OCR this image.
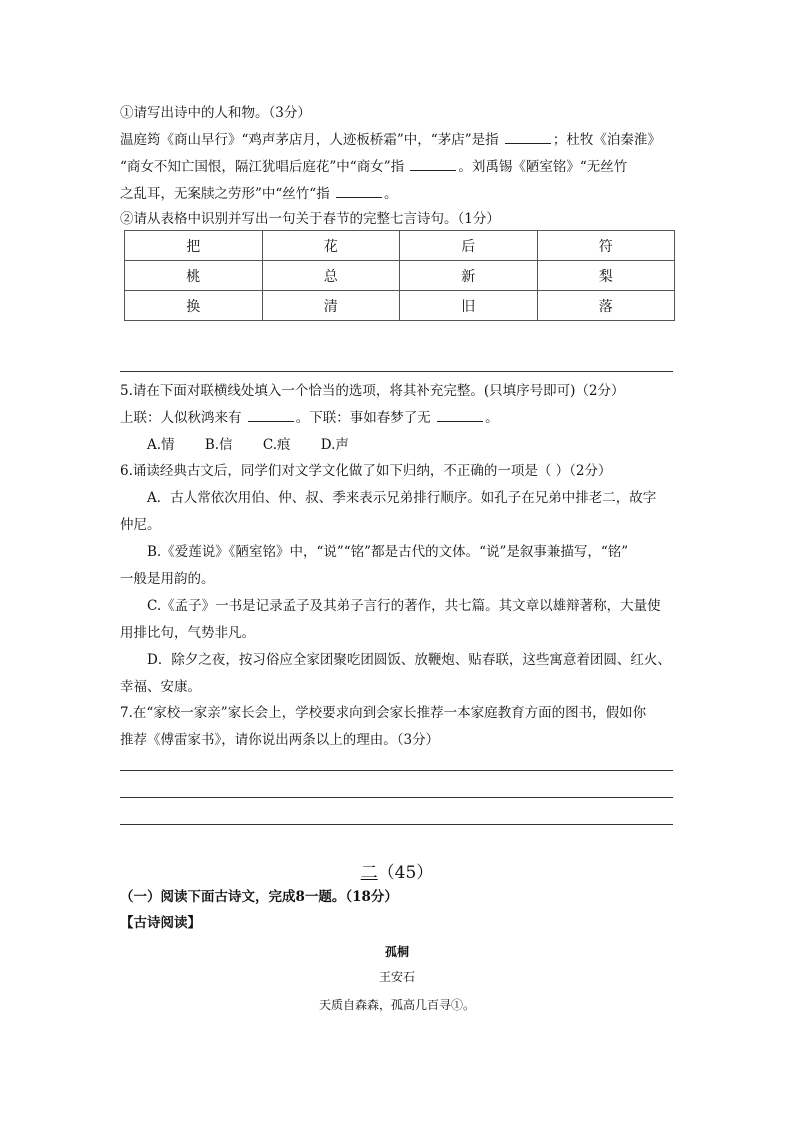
①请写出诗中的人和物。（3分）
温庭筠《商山早行》“鸡声茅店月，人迹板桥霜”中，“茅店”是指	；杜牧《泊秦淮》
“商女不知亡国恨，隔江犹唱后庭花”中“商女”指	。刘禹锡《陋室铭》“无丝竹
之乱耳，无案牍之劳形”中“丝竹“指	。
②请从表格中识别并写出一句关于春节的完整七言诗句。（1分）
把	花	后	符
桃	总	新	梨
换	清	旧	落
5.请在下面对联横线处填入一个恰当的选项，将其补充完整。(只填序号即可)（2分）
上联：人似秋鸿来有	。下联：事如春梦了无	。
A.情 B.信 C.痕 D.声
6.诵读经典古文后，同学们对文学文化做了如下归纳，不正确的一项是（ ）（2分）
A．古人常依次用伯、仲、叔、季来表示兄弟排行顺序。如孔子在兄弟中排老二，故字
仲尼。
B.《爱莲说》《陋室铭》中，“说”“铭”都是古代的文体。“说”是叙事兼描写，“铭”
一般是用韵的。
C.《孟子》一书是记录孟子及其弟子言行的著作，共七篇。其文章以雄辩著称，大量使
用排比句，气势非凡。
D．除夕之夜，按习俗应全家团聚吃团圆饭、放鞭炮、贴春联，这些寓意着团圆、红火、
幸福、安康。
7.在“家校一家亲”家长会上，学校要求向到会家长推荐一本家庭教育方面的图书，假如你
推荐《傅雷家书》，请你说出两条以上的理由。（3分）
二（45）
（一）阅读下面古诗文，完成8一题。（18分）
【古诗阅读】
孤桐
王安石
天质自森森，孤高几百寻①。
